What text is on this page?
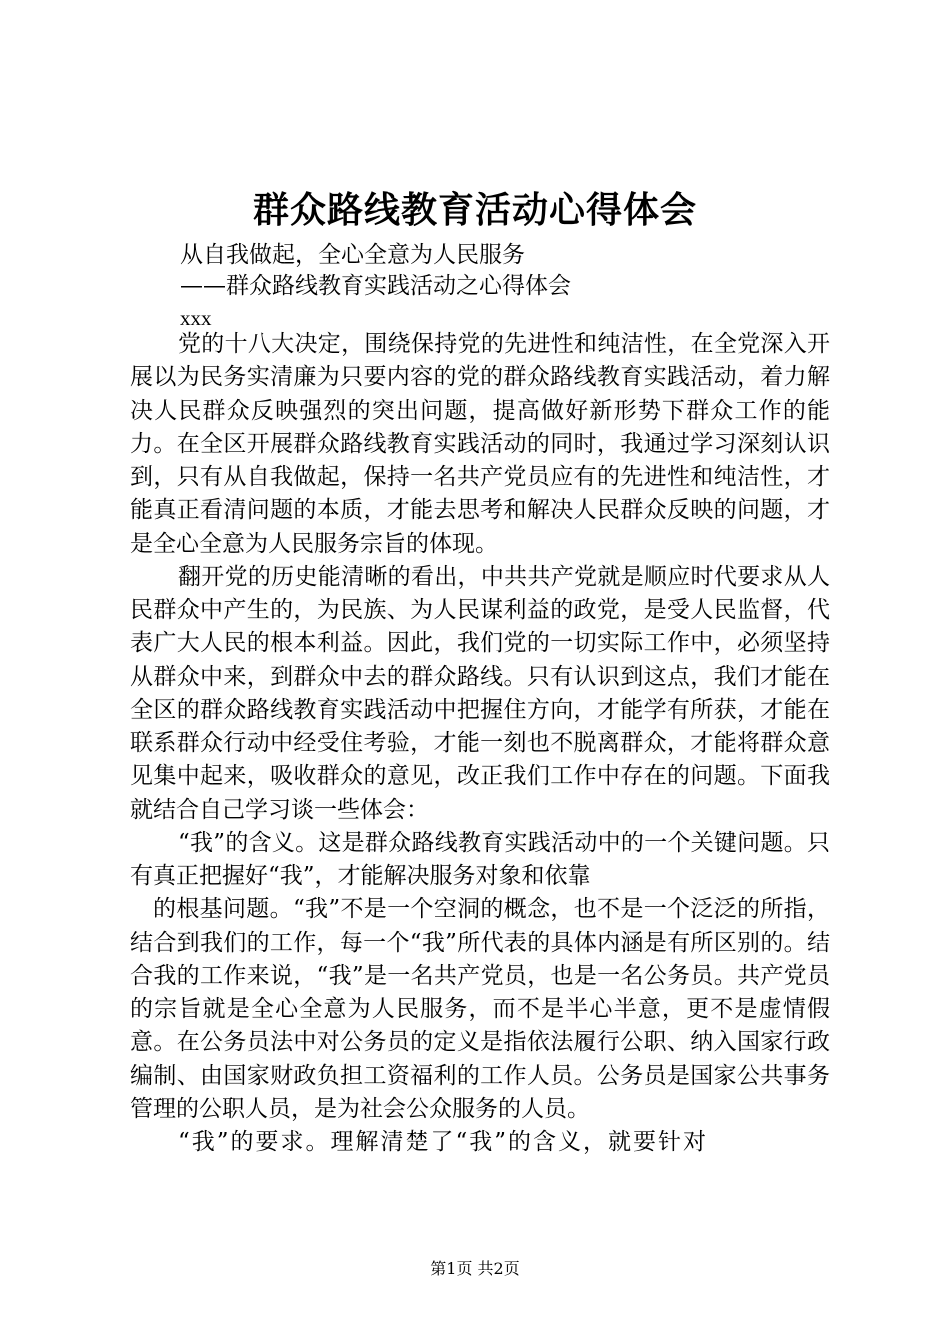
群众路线教育活动心得体会
从自我做起，全心全意为人民服务
——群众路线教育实践活动之心得体会
xxx

党的十八大决定，围绕保持党的先进性和纯洁性，在全党深入开展以为民务实清廉为只要内容的党的群众路线教育实践活动，着力解决人民群众反映强烈的突出问题，提高做好新形势下群众工作的能力。在全区开展群众路线教育实践活动的同时，我通过学习深刻认识到，只有从自我做起，保持一名共产党员应有的先进性和纯洁性，才能真正看清问题的本质，才能去思考和解决人民群众反映的问题，才是全心全意为人民服务宗旨的体现。

翻开党的历史能清晰的看出，中共共产党就是顺应时代要求从人民群众中产生的，为民族、为人民谋利益的政党，是受人民监督，代表广大人民的根本利益。因此，我们党的一切实际工作中，必须坚持从群众中来，到群众中去的群众路线。只有认识到这点，我们才能在全区的群众路线教育实践活动中把握住方向，才能学有所获，才能在联系群众行动中经受住考验，才能一刻也不脱离群众，才能将群众意见集中起来，吸收群众的意见，改正我们工作中存在的问题。下面我就结合自己学习谈一些体会：

“我”的含义。这是群众路线教育实践活动中的一个关键问题。只有真正把握好“我”，才能解决服务对象和依靠

的根基问题。“我”不是一个空洞的概念，也不是一个泛泛的所指，结合到我们的工作，每一个“我”所代表的具体内涵是有所区别的。结合我的工作来说，“我”是一名共产党员，也是一名公务员。共产党员的宗旨就是全心全意为人民服务，而不是半心半意，更不是虚情假意。在公务员法中对公务员的定义是指依法履行公职、纳入国家行政编制、由国家财政负担工资福利的工作人员。公务员是国家公共事务管理的公职人员，是为社会公众服务的人员。

“我”的要求。理解清楚了“我”的含义，就要针对

第1页 共2页
